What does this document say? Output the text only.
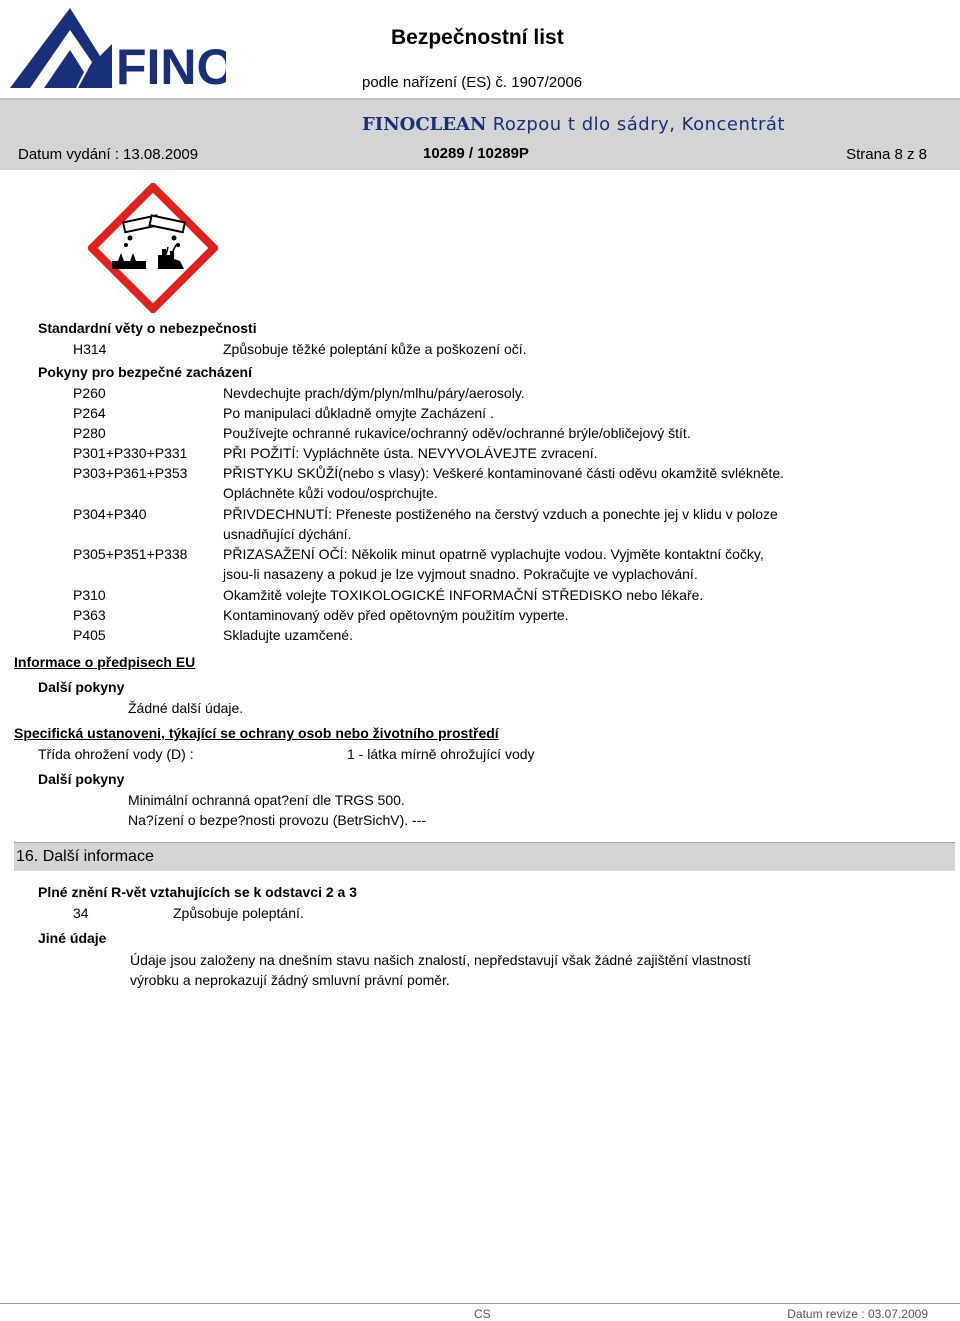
FINO
Bezpečnostní list
podle nařízení (ES) č. 1907/2006
FINOCLEAN Rozpou t dlo sádry, Koncentrát
Datum vydání : 13.08.2009	10289 / 10289P	Strana 8 z 8
Standardní věty o nebezpečnosti
H314	Způsobuje těžké poleptání kůže a poškození očí.
Pokyny pro bezpečné zacházení
P260	Nevdechujte prach/dým/plyn/mlhu/páry/aerosoly.
P264	Po manipulaci důkladně omyjte Zacházení .
P280	Používejte ochranné rukavice/ochranný oděv/ochranné brýle/obličejový štít.
P301+P330+P331	PŘI POŽITÍ: Vypláchněte ústa. NEVYVOLÁVEJTE zvracení.
P303+P361+P353	PŘISTYKU SKŮŽÍ(nebo s vlasy): Veškeré kontaminované části oděvu okamžitě svlékněte.
Opláchněte kůži vodou/osprchujte.
P304+P340	PŘIVDECHNUTÍ: Přeneste postiženého na čerstvý vzduch a ponechte jej v klidu v poloze
usnadňující dýchání.
P305+P351+P338	PŘIZASAŽENÍ OČÍ: Několik minut opatrně vyplachujte vodou. Vyjměte kontaktní čočky,
jsou-li nasazeny a pokud je lze vyjmout snadno. Pokračujte ve vyplachování.
P310	Okamžitě volejte TOXIKOLOGICKÉ INFORMAČNÍ STŘEDISKO nebo lékaře.
P363	Kontaminovaný oděv před opětovným použitím vyperte.
P405	Skladujte uzamčené.
Informace o předpisech EU
Další pokyny
Žádné další údaje.
Specifická ustanoveni, týkající se ochrany osob nebo životního prostředí
Třída ohrožení vody (D) :	1 - látka mírně ohrožující vody
Další pokyny
Minimální ochranná opat?ení dle TRGS 500.
Na?ízení o bezpe?nosti provozu (BetrSichV). ---
16. Další informace
Plné znění R-vět vztahujících se k odstavci 2 a 3
34	Způsobuje poleptání.
Jiné údaje
Údaje jsou založeny na dnešním stavu našich znalostí, nepředstavují však žádné zajištění vlastností
výrobku a neprokazují žádný smluvní právní poměr.
CS	Datum revize : 03.07.2009
